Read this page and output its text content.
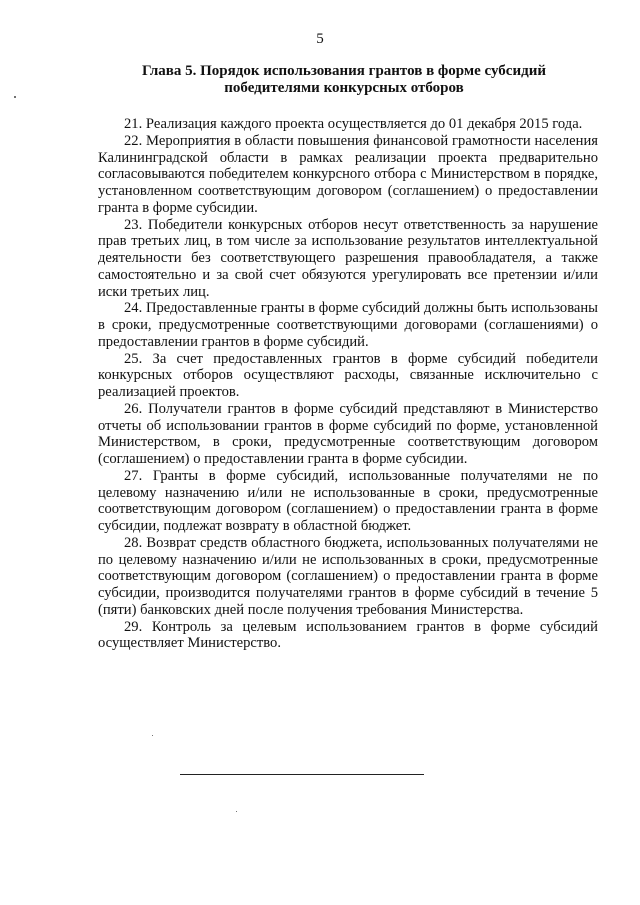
5
Глава 5. Порядок использования грантов в форме субсидий
победителями конкурсных отборов

21. Реализация каждого проекта осуществляется до 01 декабря 2015 года.

22. Мероприятия в области повышения финансовой грамотности населения Калининградской области в рамках реализации проекта предварительно согласовываются победителем конкурсного отбора с Министерством в порядке, установленном соответствующим договором (соглашением) о предоставлении гранта в форме субсидии.

23. Победители конкурсных отборов несут ответственность за нарушение прав третьих лиц, в том числе за использование результатов интеллектуальной деятельности без соответствующего разрешения правообладателя, а также самостоятельно и за свой счет обязуются урегулировать все претензии и/или иски третьих лиц.

24. Предоставленные гранты в форме субсидий должны быть использованы в сроки, предусмотренные соответствующими договорами (соглашениями) о предоставлении грантов в форме субсидий.

25. За счет предоставленных грантов в форме субсидий победители конкурсных отборов осуществляют расходы, связанные исключительно с реализацией проектов.

26. Получатели грантов в форме субсидий представляют в Министерство отчеты об использовании грантов в форме субсидий по форме, установленной Министерством, в сроки, предусмотренные соответствующим договором (соглашением) о предоставлении гранта в форме субсидии.

27. Гранты в форме субсидий, использованные получателями не по целевому назначению и/или не использованные в сроки, предусмотренные соответствующим договором (соглашением) о предоставлении гранта в форме субсидии, подлежат возврату в областной бюджет.

28. Возврат средств областного бюджета, использованных получателями не по целевому назначению и/или не использованных в сроки, предусмотренные соответствующим договором (соглашением) о предоставлении гранта в форме субсидии, производится получателями грантов в форме субсидий в течение 5 (пяти) банковских дней после получения требования Министерства.

29. Контроль за целевым использованием грантов в форме субсидий осуществляет Министерство.
